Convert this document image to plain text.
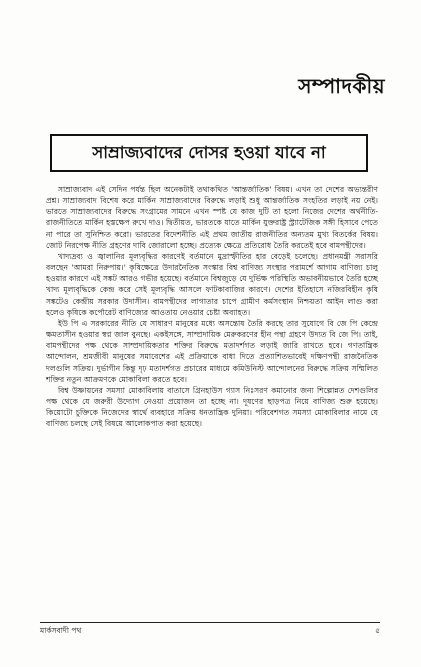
সম্পাদকীয়
সাম্রাজ্যবাদের দোসর হওয়া যাবে না

সাম্রাজ্যবাদ এই সেদিন পর্যন্ত ছিল অনেকটাই তথাকথিত 'আন্তর্জাতিক' বিষয়। এখন তা দেশের অভ্যন্তরীণ প্রশ্ন। সাম্রাজ্যবাদ বিশেষ করে মার্কিন সাম্রাজ্যবাদের বিরুদ্ধে লড়াই শুধু আন্তর্জাতিক সংহতির লড়াই নয় নেই। ভারতে সাম্রাজ্যবাদের বিরুদ্ধে সংগ্রামের সামনে এখন স্পষ্ট যে কাজ দুটি তা হলো নিজের দেশের অর্থনীতি-রাজনীতিতে মার্কিন হস্তক্ষেপ রুখে দাও। দ্বিতীয়ত, ভারতকে যাতে মার্কিন যুক্তরাষ্ট্র স্ট্র্যাটেজিক সঙ্গী হিসাবে পেতে না পারে তা সুনিশ্চিত করো। ভারতের বিদেশনীতি এই প্রথম জাতীয় রাজনীতির অন্যতম মুখ্য বিতর্কের বিষয়। জোট নিরপেক্ষ নীতি গ্রহণের দাবি জোরালো হচ্ছে। প্রত্যেক ক্ষেত্রে প্রতিরোধ তৈরি করতেই হবে বামপন্থীদের।

খাদ্যদ্রব্য ও জ্বালানির মূল্যবৃদ্ধির কারণেই বর্তমানে মুদ্রাস্ফীতির হার বেড়েই চলেছে। প্রধানমন্ত্রী সরাসরি বলছেন 'আমরা নিরুপায়।' কৃষিক্ষেত্রে উদারনৈতিক সংস্কার বিশ্ব বাণিজ্য সংস্থার পরামর্শে আগাম বাণিজ্য চালু হওয়ার কারণে এই সঙ্কট আরও গভীর হয়েছে। বর্তমানে বিশ্বজুড়ে যে দুর্ভিক্ষ পরিস্থিতি অভাবনীয়ভাবে তৈরি হচ্ছে খাদ্য মূল্যবৃদ্ধিকে কেন্দ্র করে সেই মূল্যবৃদ্ধি আসলে ফাটকাবাজির কারণে। দেশের ইতিহাসে নজিরবিহীন কৃষি সঙ্কটেও কেন্দ্রীয় সরকার উদাসীন। বামপন্থীদের লাগাতার চাপে গ্রামীণ কর্মসংস্থান নিশ্চয়তা আইন লাগু করা হলেও কৃষিকে কর্পোরেট বাণিজ্যের আওতায় নেওয়ার চেষ্টা অব্যাহত।

ইউ পি এ সরকারের নীতি যে সাধারণ মানুষের মধ্যে অসন্তোষ তৈরি করছে তার সুযোগে বি জে পি কেন্দ্রে ক্ষমতাসীন হওয়ার স্বপ্ন জাল বুনছে। একইসঙ্গে, সাম্প্রদায়িক মেরুকরণের হীন পন্থা গ্রহণে উদ্যত বি জে পি। তাই, বামপন্থীদের পক্ষ থেকে সাম্প্রদায়িকতার শক্তির বিরুদ্ধে মতাদর্শগত লড়াই জারি রাখতে হবে। গণতান্ত্রিক আন্দোলন, শ্রমজীবী মানুষের সমাবেশের এই প্রক্রিয়াকে বাধা দিতে প্রত্যাশিতভাবেই দক্ষিণপন্থী রাজনৈতিক দলগুলি সক্রিয়। দুর্ভাগীন কিন্তু দৃঢ় মতাদর্শগত প্রচারের মাধ্যমে কমিউনিস্ট আন্দোলনের বিরুদ্ধে সক্রিয় সম্মিলিত শক্তির নতুন আক্রমণকে মোকাবিলা করতে হবে।

বিশ্ব উষ্ণায়নের সমস্যা মোকাবিলায় বাতাসে গ্রিনহাউস গ্যাস নিঃসরণ কমানোর জন্য শিল্পোন্নত দেশগুলির পক্ষ থেকে যে জরুরী উদ্যোগ নেওয়া প্রয়োজন তা হচ্ছে না। দূষণের ছাড়পত্র নিয়ে বাণিজ্য শুরু হয়েছে। কিয়োটো চুক্তিকে নিজেদের স্বার্থে ব্যবহারে সক্রিয় ধনতান্ত্রিক দুনিয়া। পরিবেশগত সমস্যা মোকাবিলার নামে যে বাণিজ্য চলছে সেই বিষয়ে আলোকপাত করা হয়েছে।

মার্কসবাদী পথ	৫
